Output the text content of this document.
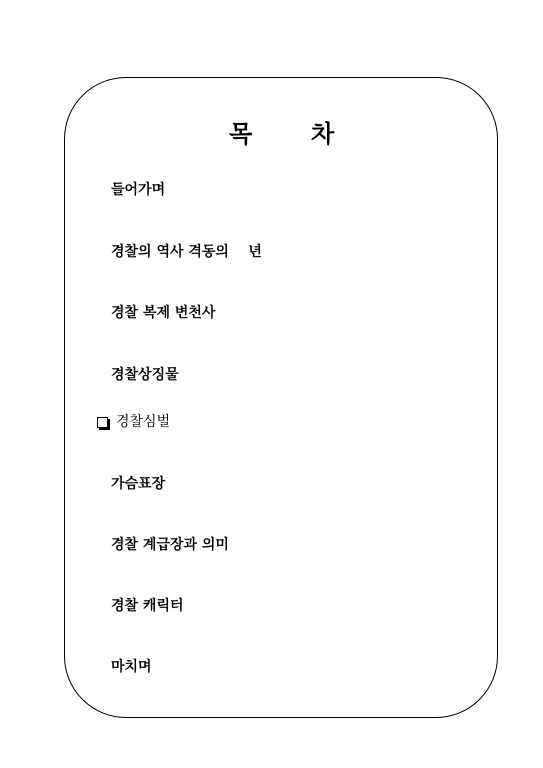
목 차
들어가며
경찰의 역사 격동의    년
경찰 복제 변천사
경찰상징물
경찰심벌
가슴표장
경찰 계급장과 의미
경찰 캐릭터
마치며
